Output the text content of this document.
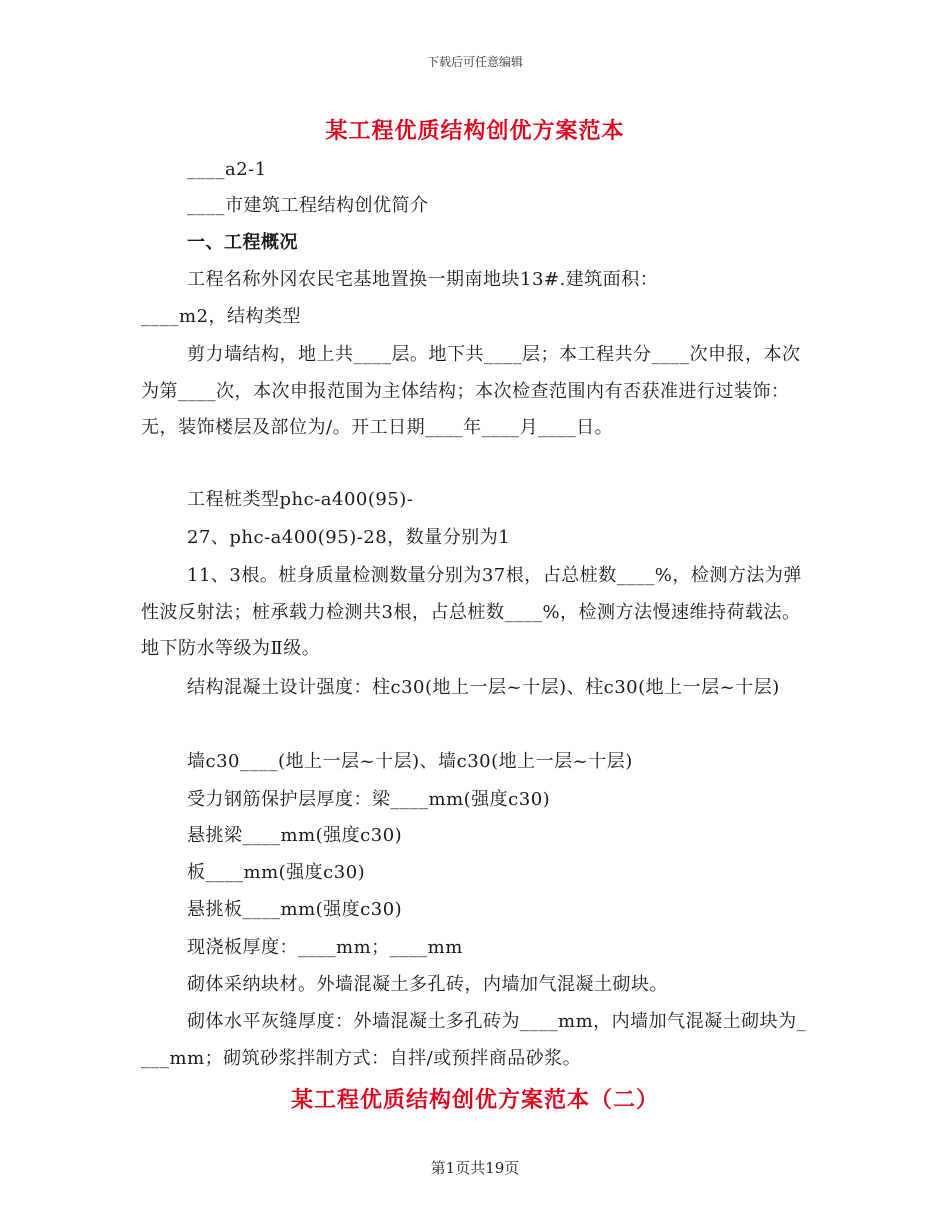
下载后可任意编辑
某工程优质结构创优方案范本
____a2-1
____市建筑工程结构创优简介
一、工程概况
工程名称外冈农民宅基地置换一期南地块13#.建筑面积：
____m2，结构类型
剪力墙结构，地上共____层。地下共____层；本工程共分____次申报，本次为第____次，本次申报范围为主体结构；本次检查范围内有否获准进行过装饰：无，装饰楼层及部位为/。开工日期____年____月____日。
工程桩类型phc-a400(95)-
27、phc-a400(95)-28，数量分别为1
11、3根。桩身质量检测数量分别为37根，占总桩数____%，检测方法为弹性波反射法；桩承载力检测共3根，占总桩数____%，检测方法慢速维持荷载法。地下防水等级为Ⅱ级。
结构混凝土设计强度：柱c30(地上一层~十层)、柱c30(地上一层~十层)
墙c30____(地上一层~十层)、墙c30(地上一层~十层)
受力钢筋保护层厚度：梁____mm(强度c30)
悬挑梁____mm(强度c30)
板____mm(强度c30)
悬挑板____mm(强度c30)
现浇板厚度：____mm；____mm
砌体采纳块材。外墙混凝土多孔砖，内墙加气混凝土砌块。
砌体水平灰缝厚度：外墙混凝土多孔砖为____mm，内墙加气混凝土砌块为____mm；砌筑砂浆拌制方式：自拌/或预拌商品砂浆。
某工程优质结构创优方案范本（二）
第1页共19页
